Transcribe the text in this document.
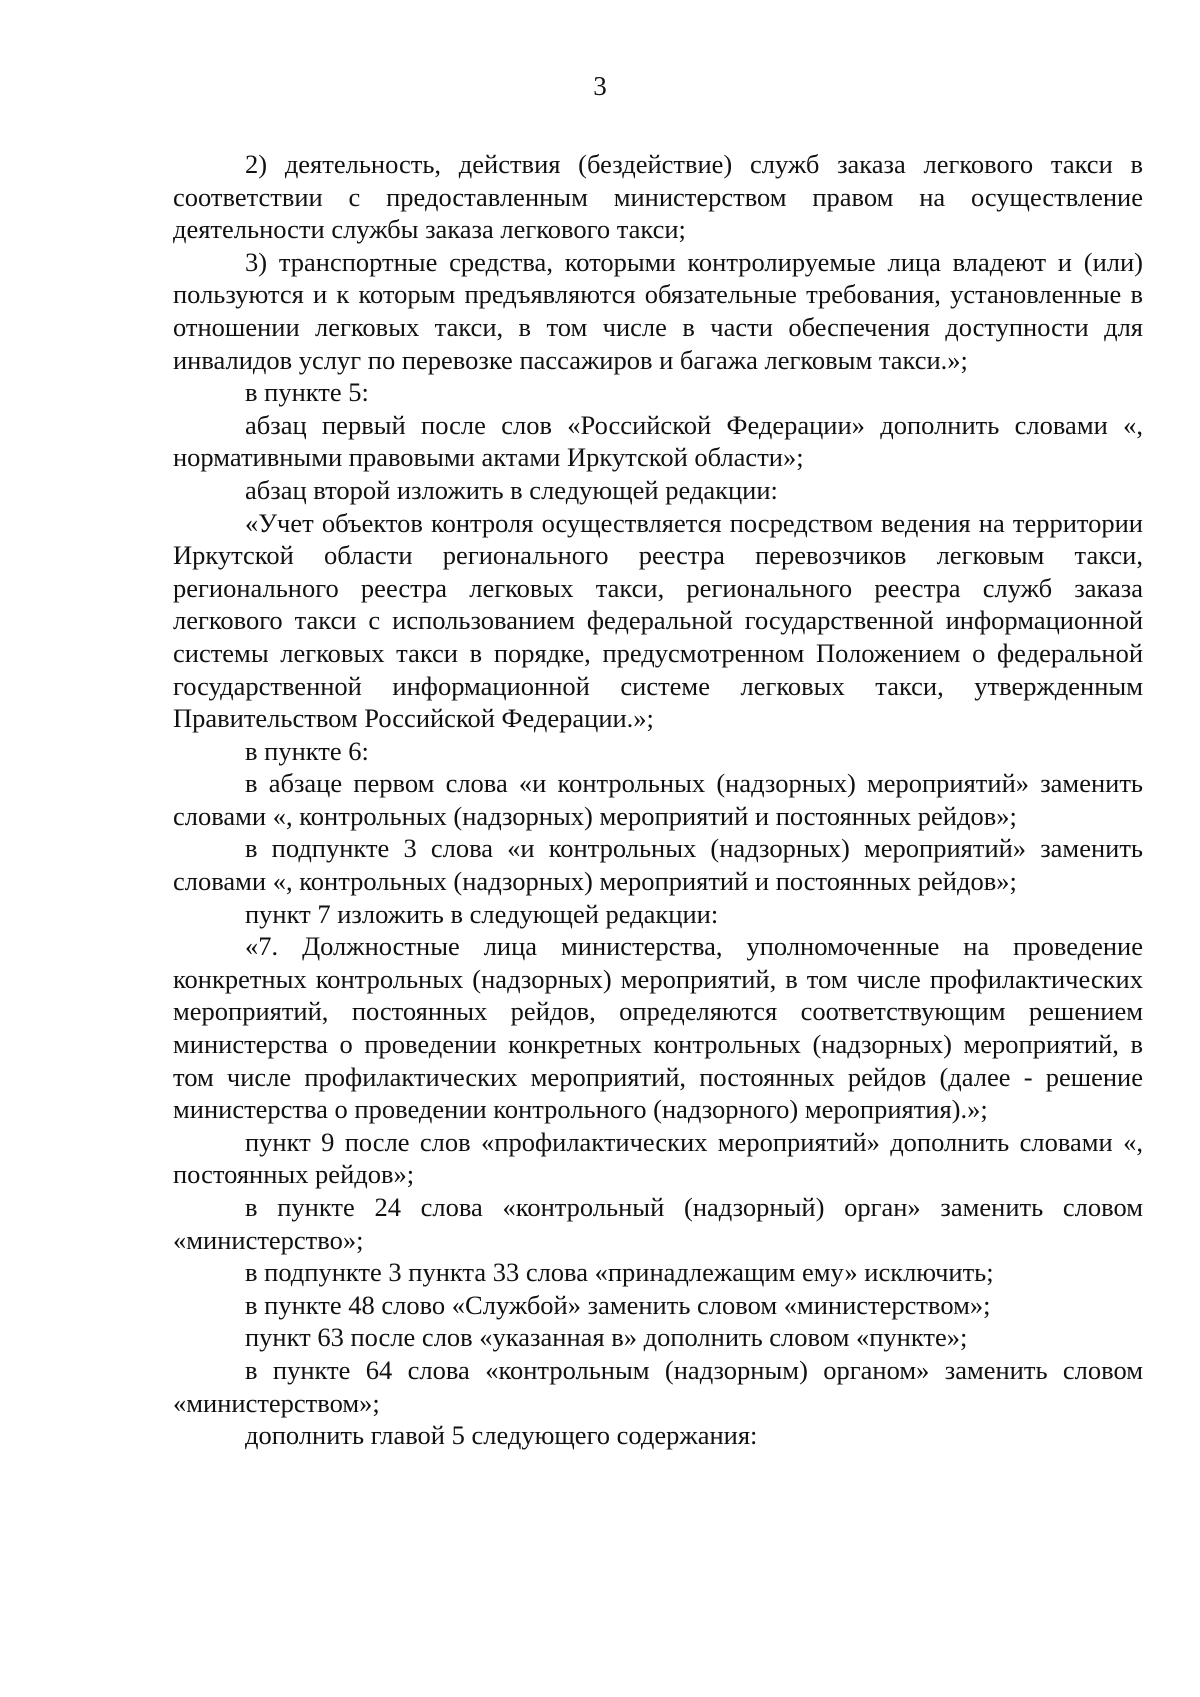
3

2) деятельность, действия (бездействие) служб заказа легкового такси в соответствии с предоставленным министерством правом на осуществление деятельности службы заказа легкового такси;

3) транспортные средства, которыми контролируемые лица владеют и (или) пользуются и к которым предъявляются обязательные требования, установленные в отношении легковых такси, в том числе в части обеспечения доступности для инвалидов услуг по перевозке пассажиров и багажа легковым такси.»;

в пункте 5:

абзац первый после слов «Российской Федерации» дополнить словами «, нормативными правовыми актами Иркутской области»;

абзац второй изложить в следующей редакции:

«Учет объектов контроля осуществляется посредством ведения на территории Иркутской области регионального реестра перевозчиков легковым такси, регионального реестра легковых такси, регионального реестра служб заказа легкового такси с использованием федеральной государственной информационной системы легковых такси в порядке, предусмотренном Положением о федеральной государственной информационной системе легковых такси, утвержденным Правительством Российской Федерации.»;

в пункте 6:

в абзаце первом слова «и контрольных (надзорных) мероприятий» заменить словами «, контрольных (надзорных) мероприятий и постоянных рейдов»;

в подпункте 3 слова «и контрольных (надзорных) мероприятий» заменить словами «, контрольных (надзорных) мероприятий и постоянных рейдов»;

пункт 7 изложить в следующей редакции:

«7. Должностные лица министерства, уполномоченные на проведение конкретных контрольных (надзорных) мероприятий, в том числе профилактических мероприятий, постоянных рейдов, определяются соответствующим решением министерства о проведении конкретных контрольных (надзорных) мероприятий, в том числе профилактических мероприятий, постоянных рейдов (далее - решение министерства о проведении контрольного (надзорного) мероприятия).»;

пункт 9 после слов «профилактических мероприятий» дополнить словами «, постоянных рейдов»;

в пункте 24 слова «контрольный (надзорный) орган» заменить словом «министерство»;

в подпункте 3 пункта 33 слова «принадлежащим ему» исключить;

в пункте 48 слово «Службой» заменить словом «министерством»;

пункт 63 после слов «указанная в» дополнить словом «пункте»;

в пункте 64 слова «контрольным (надзорным) органом» заменить словом «министерством»;

дополнить главой 5 следующего содержания:
